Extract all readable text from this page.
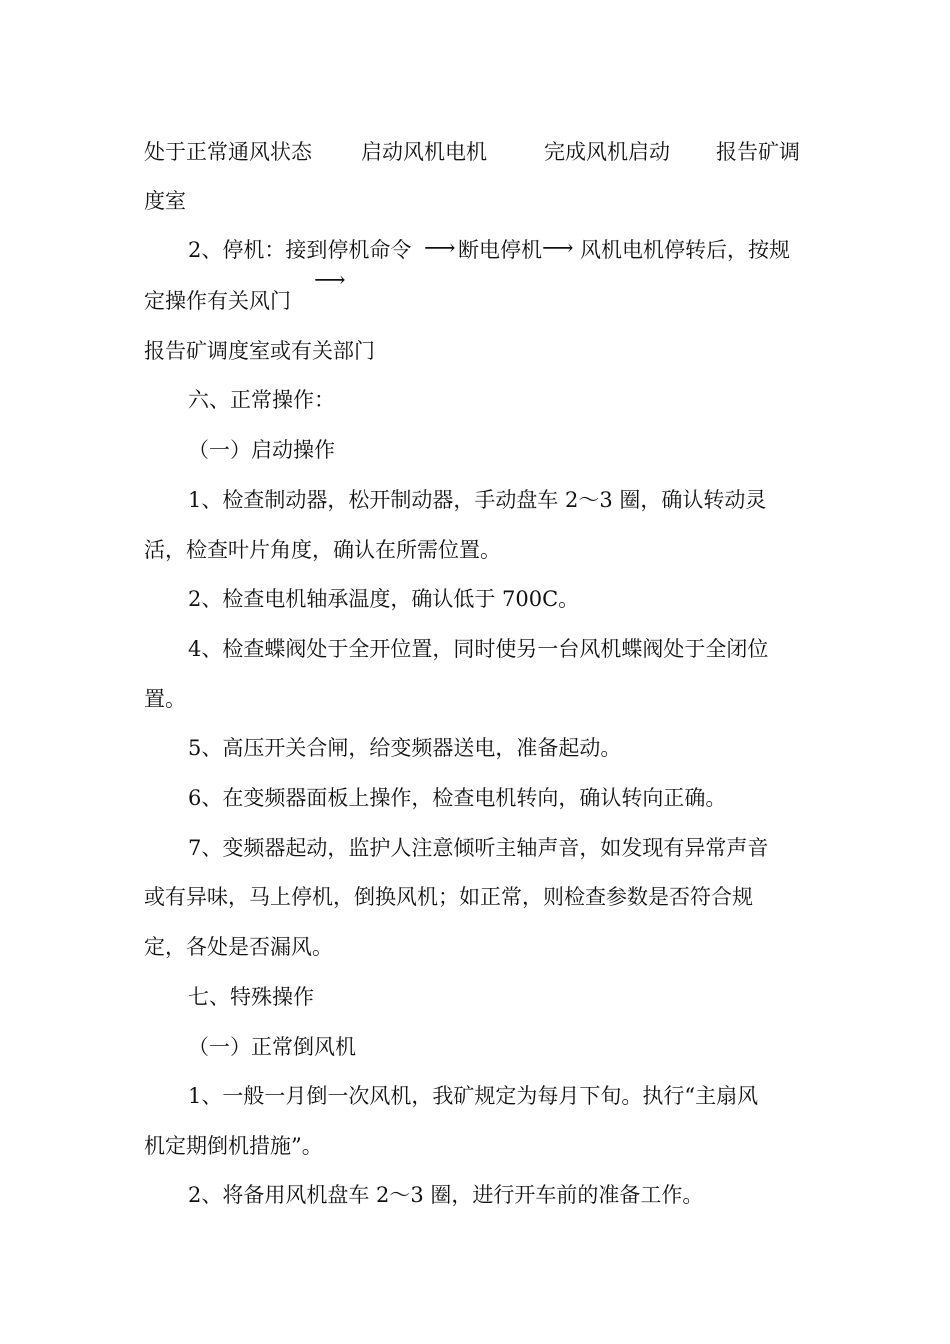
处于正常通风状态 启动风机电机	完成风机启动 报告矿调
度室
2、停机：接到停机命令 ⟶ 断电停机 ⟶ 风机电机停转后，按规
⟶
定操作有关风门
报告矿调度室或有关部门
六、正常操作：
（一）启动操作
1、检查制动器，松开制动器，手动盘车 2～3 圈，确认转动灵
活，检查叶片角度，确认在所需位置。
2、检查电机轴承温度，确认低于 700C。
4、检查蝶阀处于全开位置，同时使另一台风机蝶阀处于全闭位
置。
5、高压开关合闸，给变频器送电，准备起动。
6、在变频器面板上操作，检查电机转向，确认转向正确。
7、变频器起动，监护人注意倾听主轴声音，如发现有异常声音
或有异味，马上停机，倒换风机；如正常，则检查参数是否符合规
定，各处是否漏风。
七、特殊操作
（一）正常倒风机
1、一般一月倒一次风机，我矿规定为每月下旬。执行“主扇风
机定期倒机措施”。
2、将备用风机盘车 2～3 圈，进行开车前的准备工作。
